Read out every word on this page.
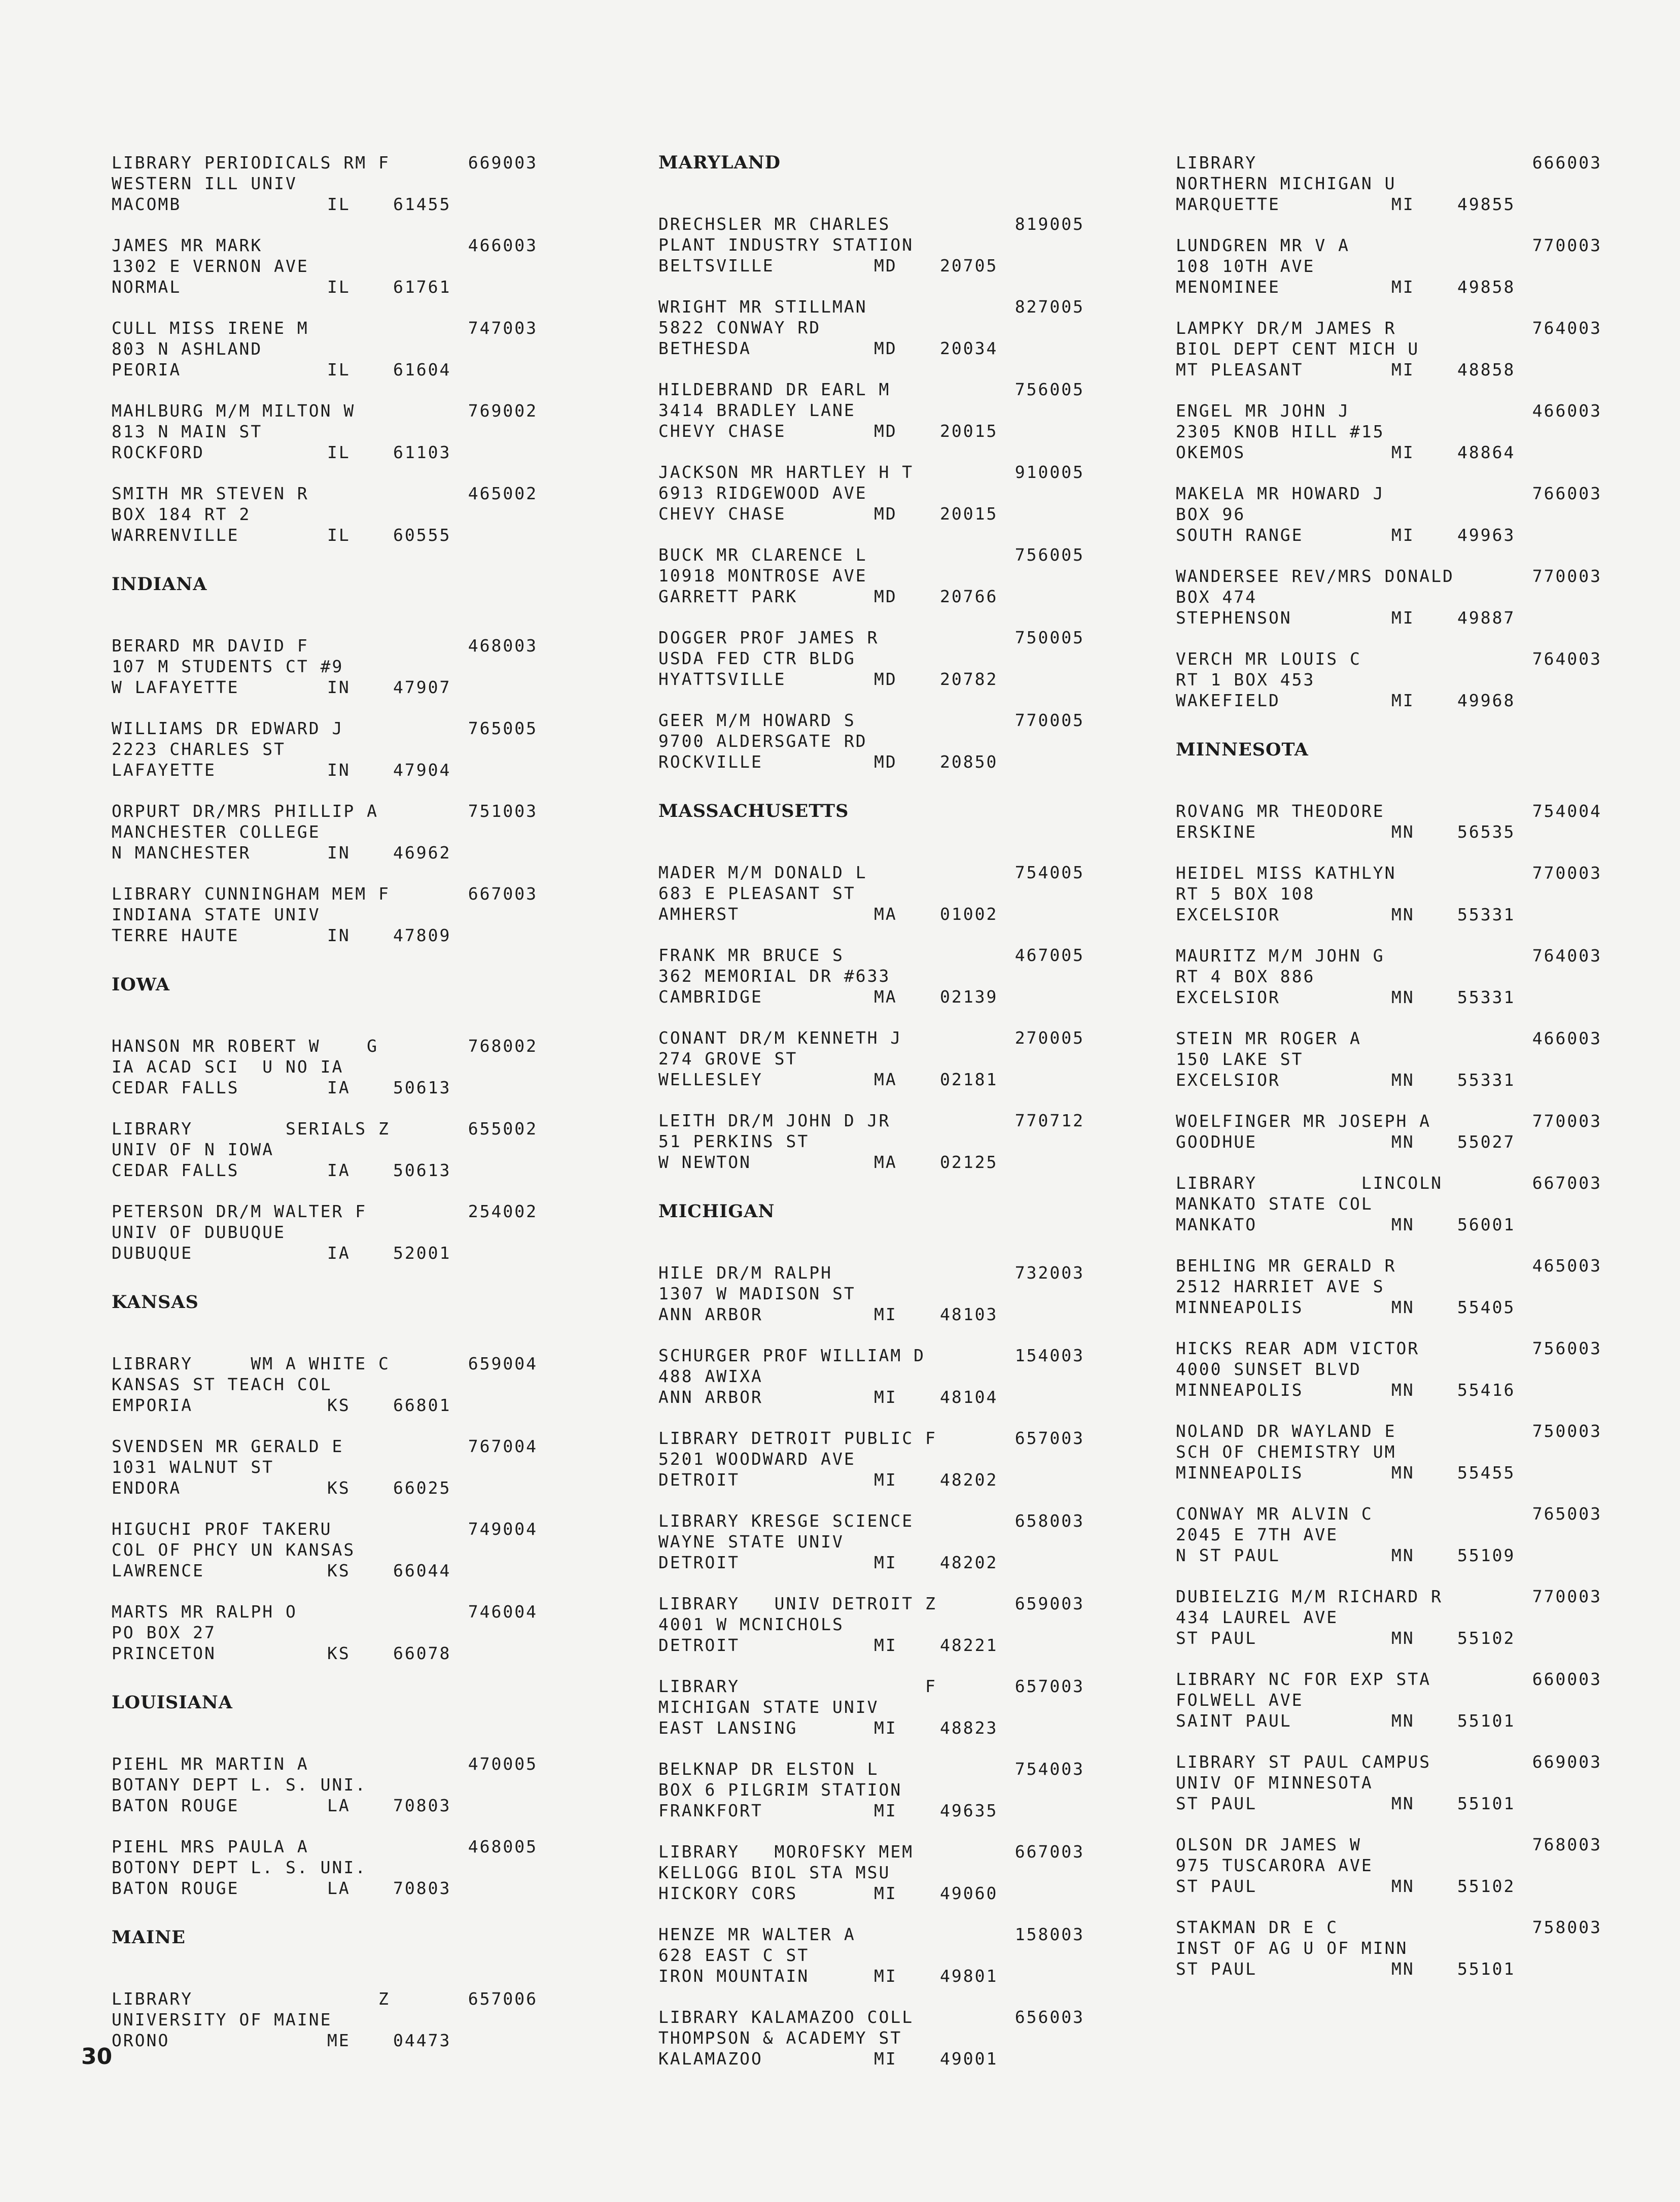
LIBRARY PERIODICALS RM F	669003
WESTERN ILL UNIV
MACOMB	IL	61455
JAMES MR MARK	466003
1302 E VERNON AVE
NORMAL	IL	61761
CULL MISS IRENE M	747003
803 N ASHLAND
PEORIA	IL	61604
MAHLBURG M/M MILTON W	769002
813 N MAIN ST
ROCKFORD	IL	61103
SMITH MR STEVEN R	465002
BOX 184 RT 2
WARRENVILLE	IL	60555
INDIANA
BERARD MR DAVID F	468003
107 M STUDENTS CT #9
W LAFAYETTE	IN	47907
WILLIAMS DR EDWARD J	765005
2223 CHARLES ST
LAFAYETTE	IN	47904
ORPURT DR/MRS PHILLIP A	751003
MANCHESTER COLLEGE
N MANCHESTER	IN	46962
LIBRARY CUNNINGHAM MEM F	667003
INDIANA STATE UNIV
TERRE HAUTE	IN	47809
IOWA
HANSON MR ROBERT W    G	768002
IA ACAD SCI  U NO IA
CEDAR FALLS	IA	50613
LIBRARY        SERIALS Z	655002
UNIV OF N IOWA
CEDAR FALLS	IA	50613
PETERSON DR/M WALTER F	254002
UNIV OF DUBUQUE
DUBUQUE	IA	52001
KANSAS
LIBRARY     WM A WHITE C	659004
KANSAS ST TEACH COL
EMPORIA	KS	66801
SVENDSEN MR GERALD E	767004
1031 WALNUT ST
ENDORA	KS	66025
HIGUCHI PROF TAKERU	749004
COL OF PHCY UN KANSAS
LAWRENCE	KS	66044
MARTS MR RALPH O	746004
PO BOX 27
PRINCETON	KS	66078
LOUISIANA
PIEHL MR MARTIN A	470005
BOTANY DEPT L. S. UNI.
BATON ROUGE	LA	70803
PIEHL MRS PAULA A	468005
BOTONY DEPT L. S. UNI.
BATON ROUGE	LA	70803
MAINE
LIBRARY                Z	657006
UNIVERSITY OF MAINE
ORONO	ME	04473
MARYLAND
DRECHSLER MR CHARLES	819005
PLANT INDUSTRY STATION
BELTSVILLE	MD	20705
WRIGHT MR STILLMAN	827005
5822 CONWAY RD
BETHESDA	MD	20034
HILDEBRAND DR EARL M	756005
3414 BRADLEY LANE
CHEVY CHASE	MD	20015
JACKSON MR HARTLEY H T	910005
6913 RIDGEWOOD AVE
CHEVY CHASE	MD	20015
BUCK MR CLARENCE L	756005
10918 MONTROSE AVE
GARRETT PARK	MD	20766
DOGGER PROF JAMES R	750005
USDA FED CTR BLDG
HYATTSVILLE	MD	20782
GEER M/M HOWARD S	770005
9700 ALDERSGATE RD
ROCKVILLE	MD	20850
MASSACHUSETTS
MADER M/M DONALD L	754005
683 E PLEASANT ST
AMHERST	MA	01002
FRANK MR BRUCE S	467005
362 MEMORIAL DR #633
CAMBRIDGE	MA	02139
CONANT DR/M KENNETH J	270005
274 GROVE ST
WELLESLEY	MA	02181
LEITH DR/M JOHN D JR	770712
51 PERKINS ST
W NEWTON	MA	02125
MICHIGAN
HILE DR/M RALPH	732003
1307 W MADISON ST
ANN ARBOR	MI	48103
SCHURGER PROF WILLIAM D	154003
488 AWIXA
ANN ARBOR	MI	48104
LIBRARY DETROIT PUBLIC F	657003
5201 WOODWARD AVE
DETROIT	MI	48202
LIBRARY KRESGE SCIENCE	658003
WAYNE STATE UNIV
DETROIT	MI	48202
LIBRARY   UNIV DETROIT Z	659003
4001 W MCNICHOLS
DETROIT	MI	48221
LIBRARY                F	657003
MICHIGAN STATE UNIV
EAST LANSING	MI	48823
BELKNAP DR ELSTON L	754003
BOX 6 PILGRIM STATION
FRANKFORT	MI	49635
LIBRARY   MOROFSKY MEM	667003
KELLOGG BIOL STA MSU
HICKORY CORS	MI	49060
HENZE MR WALTER A	158003
628 EAST C ST
IRON MOUNTAIN	MI	49801
LIBRARY KALAMAZOO COLL	656003
THOMPSON & ACADEMY ST
KALAMAZOO	MI	49001
LIBRARY	666003
NORTHERN MICHIGAN U
MARQUETTE	MI	49855
LUNDGREN MR V A	770003
108 10TH AVE
MENOMINEE	MI	49858
LAMPKY DR/M JAMES R	764003
BIOL DEPT CENT MICH U
MT PLEASANT	MI	48858
ENGEL MR JOHN J	466003
2305 KNOB HILL #15
OKEMOS	MI	48864
MAKELA MR HOWARD J	766003
BOX 96
SOUTH RANGE	MI	49963
WANDERSEE REV/MRS DONALD	770003
BOX 474
STEPHENSON	MI	49887
VERCH MR LOUIS C	764003
RT 1 BOX 453
WAKEFIELD	MI	49968
MINNESOTA
ROVANG MR THEODORE	754004
ERSKINE	MN	56535
HEIDEL MISS KATHLYN	770003
RT 5 BOX 108
EXCELSIOR	MN	55331
MAURITZ M/M JOHN G	764003
RT 4 BOX 886
EXCELSIOR	MN	55331
STEIN MR ROGER A	466003
150 LAKE ST
EXCELSIOR	MN	55331
WOELFINGER MR JOSEPH A	770003
GOODHUE	MN	55027
LIBRARY         LINCOLN	667003
MANKATO STATE COL
MANKATO	MN	56001
BEHLING MR GERALD R	465003
2512 HARRIET AVE S
MINNEAPOLIS	MN	55405
HICKS REAR ADM VICTOR	756003
4000 SUNSET BLVD
MINNEAPOLIS	MN	55416
NOLAND DR WAYLAND E	750003
SCH OF CHEMISTRY UM
MINNEAPOLIS	MN	55455
CONWAY MR ALVIN C	765003
2045 E 7TH AVE
N ST PAUL	MN	55109
DUBIELZIG M/M RICHARD R	770003
434 LAUREL AVE
ST PAUL	MN	55102
LIBRARY NC FOR EXP STA	660003
FOLWELL AVE
SAINT PAUL	MN	55101
LIBRARY ST PAUL CAMPUS	669003
UNIV OF MINNESOTA
ST PAUL	MN	55101
OLSON DR JAMES W	768003
975 TUSCARORA AVE
ST PAUL	MN	55102
STAKMAN DR E C	758003
INST OF AG U OF MINN
ST PAUL	MN	55101
30
